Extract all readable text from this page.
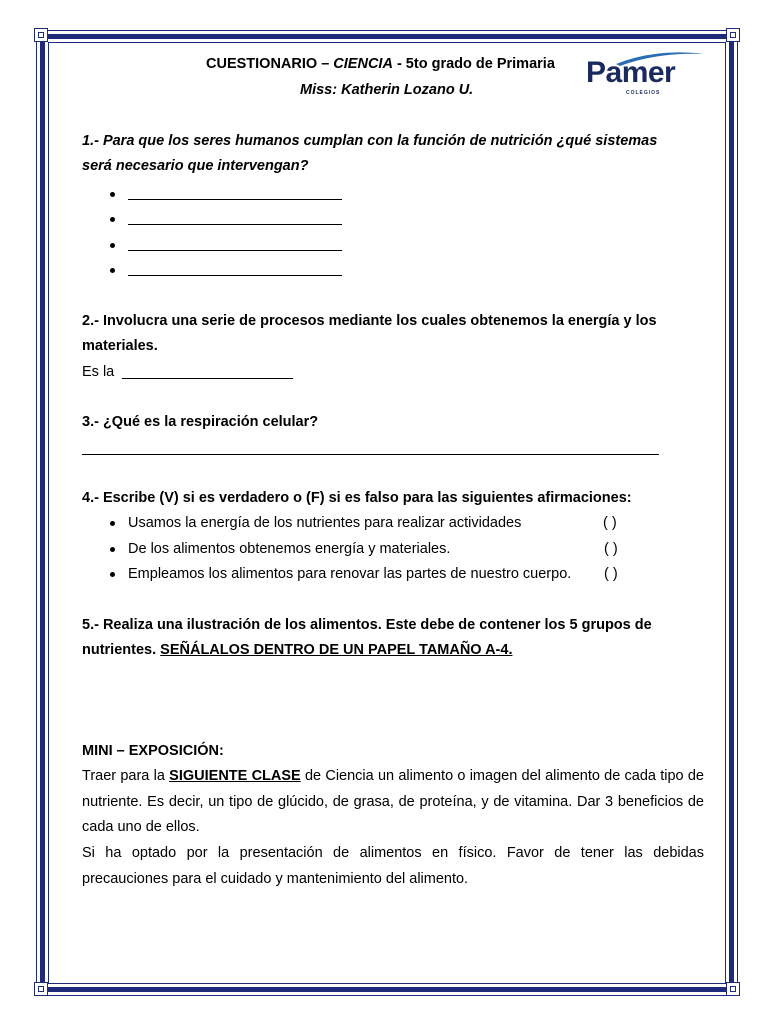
Pamer
COLEGIOS
CUESTIONARIO – CIENCIA - 5to grado de Primaria
Miss: Katherin Lozano U.
1.- Para que los seres humanos cumplan con la función de nutrición ¿qué sistemas
será necesario que intervengan?
2.- Involucra una serie de procesos mediante los cuales obtenemos la energía y los
materiales.
Es la
3.- ¿Qué es la respiración celular?
4.- Escribe (V) si es verdadero o (F) si es falso para las siguientes afirmaciones:
Usamos la energía de los nutrientes para realizar actividades	( )
De los alimentos obtenemos energía y materiales.	( )
Empleamos los alimentos para renovar las partes de nuestro cuerpo. ( )
5.- Realiza una ilustración de los alimentos. Este debe de contener los 5 grupos de
nutrientes. SEÑÁLALOS DENTRO DE UN PAPEL TAMAÑO A-4.
MINI – EXPOSICIÓN:
Traer para la SIGUIENTE CLASE de Ciencia un alimento o imagen del alimento de cada tipo de nutriente. Es decir, un tipo de glúcido, de grasa, de proteína, y de vitamina. Dar 3 beneficios de cada uno de ellos.
Si ha optado por la presentación de alimentos en físico. Favor de tener las debidas precauciones para el cuidado y mantenimiento del alimento.
